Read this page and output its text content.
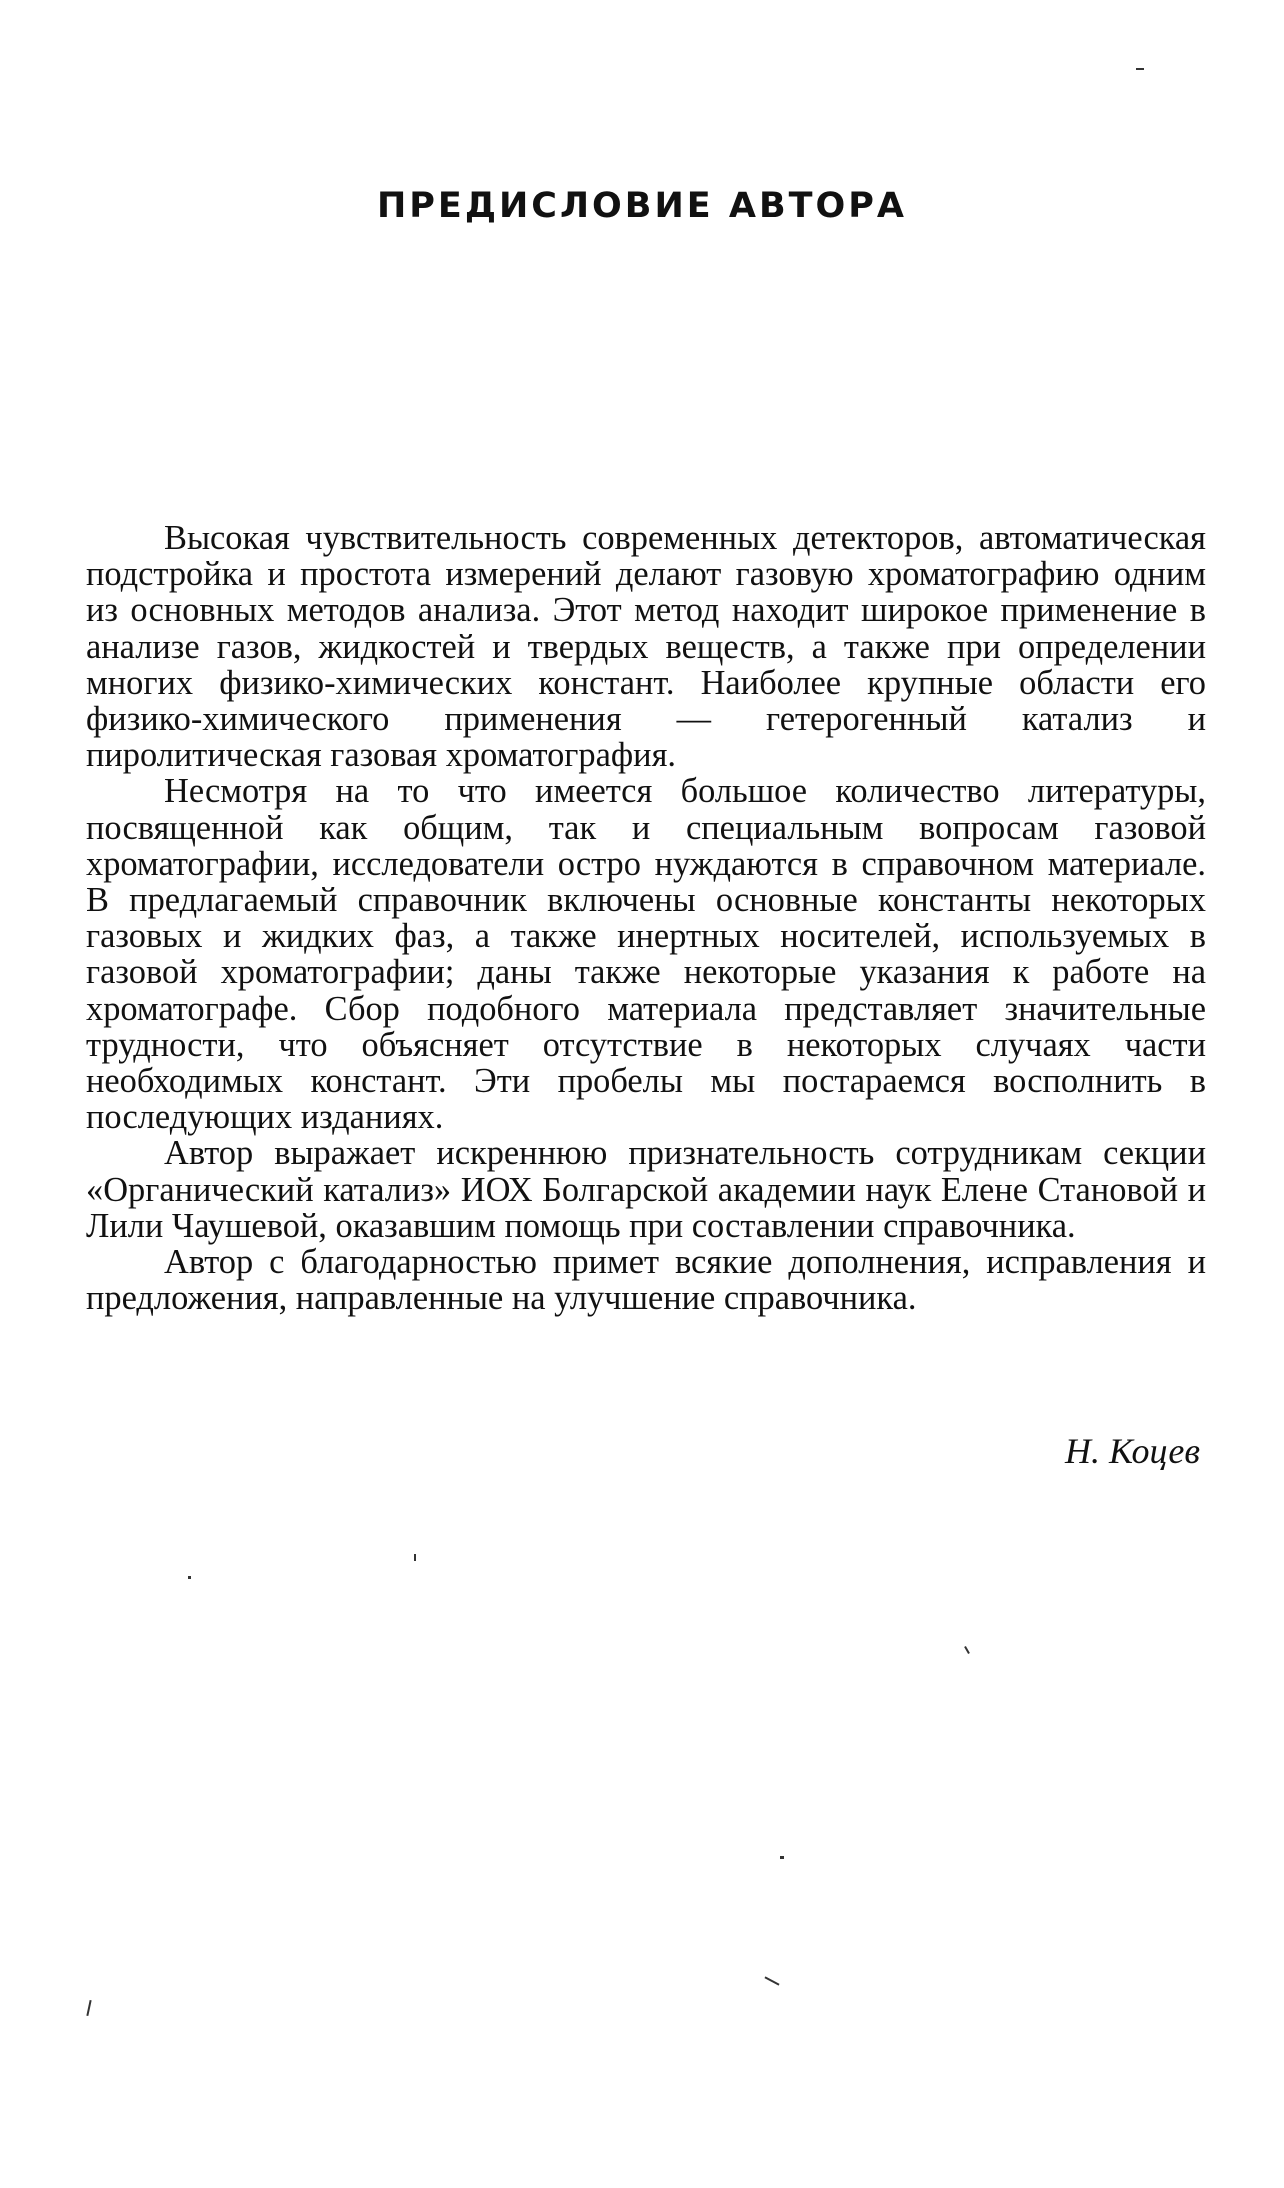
ПРЕДИСЛОВИЕ АВТОРА

Высокая чувствительность современных детекторов, автоматическая подстройка и простота измерений делают газовую хроматографию одним из основных методов анализа. Этот метод находит широкое применение в анализе газов, жидкостей и твердых веществ, а также при определении многих физико-химических констант. Наиболее крупные области его физико-химического применения — гетерогенный катализ и пиролитическая газовая хроматография.

Несмотря на то что имеется большое количество литературы, посвященной как общим, так и специальным вопросам газовой хроматографии, исследователи остро нуждаются в справочном материале. В предлагаемый справочник включены основные константы некоторых газовых и жидких фаз, а также инертных носителей, используемых в газовой хроматографии; даны также некоторые указания к работе на хроматографе. Сбор подобного материала представляет значительные трудности, что объясняет отсутствие в некоторых случаях части необходимых констант. Эти пробелы мы постараемся восполнить в последующих изданиях.

Автор выражает искреннюю признательность сотрудникам секции «Органический катализ» ИОХ Болгарской академии наук Елене Становой и Лили Чаушевой, оказавшим помощь при составлении справочника.

Автор с благодарностью примет всякие дополнения, исправления и предложения, направленные на улучшение справочника.

Н. Коцев
